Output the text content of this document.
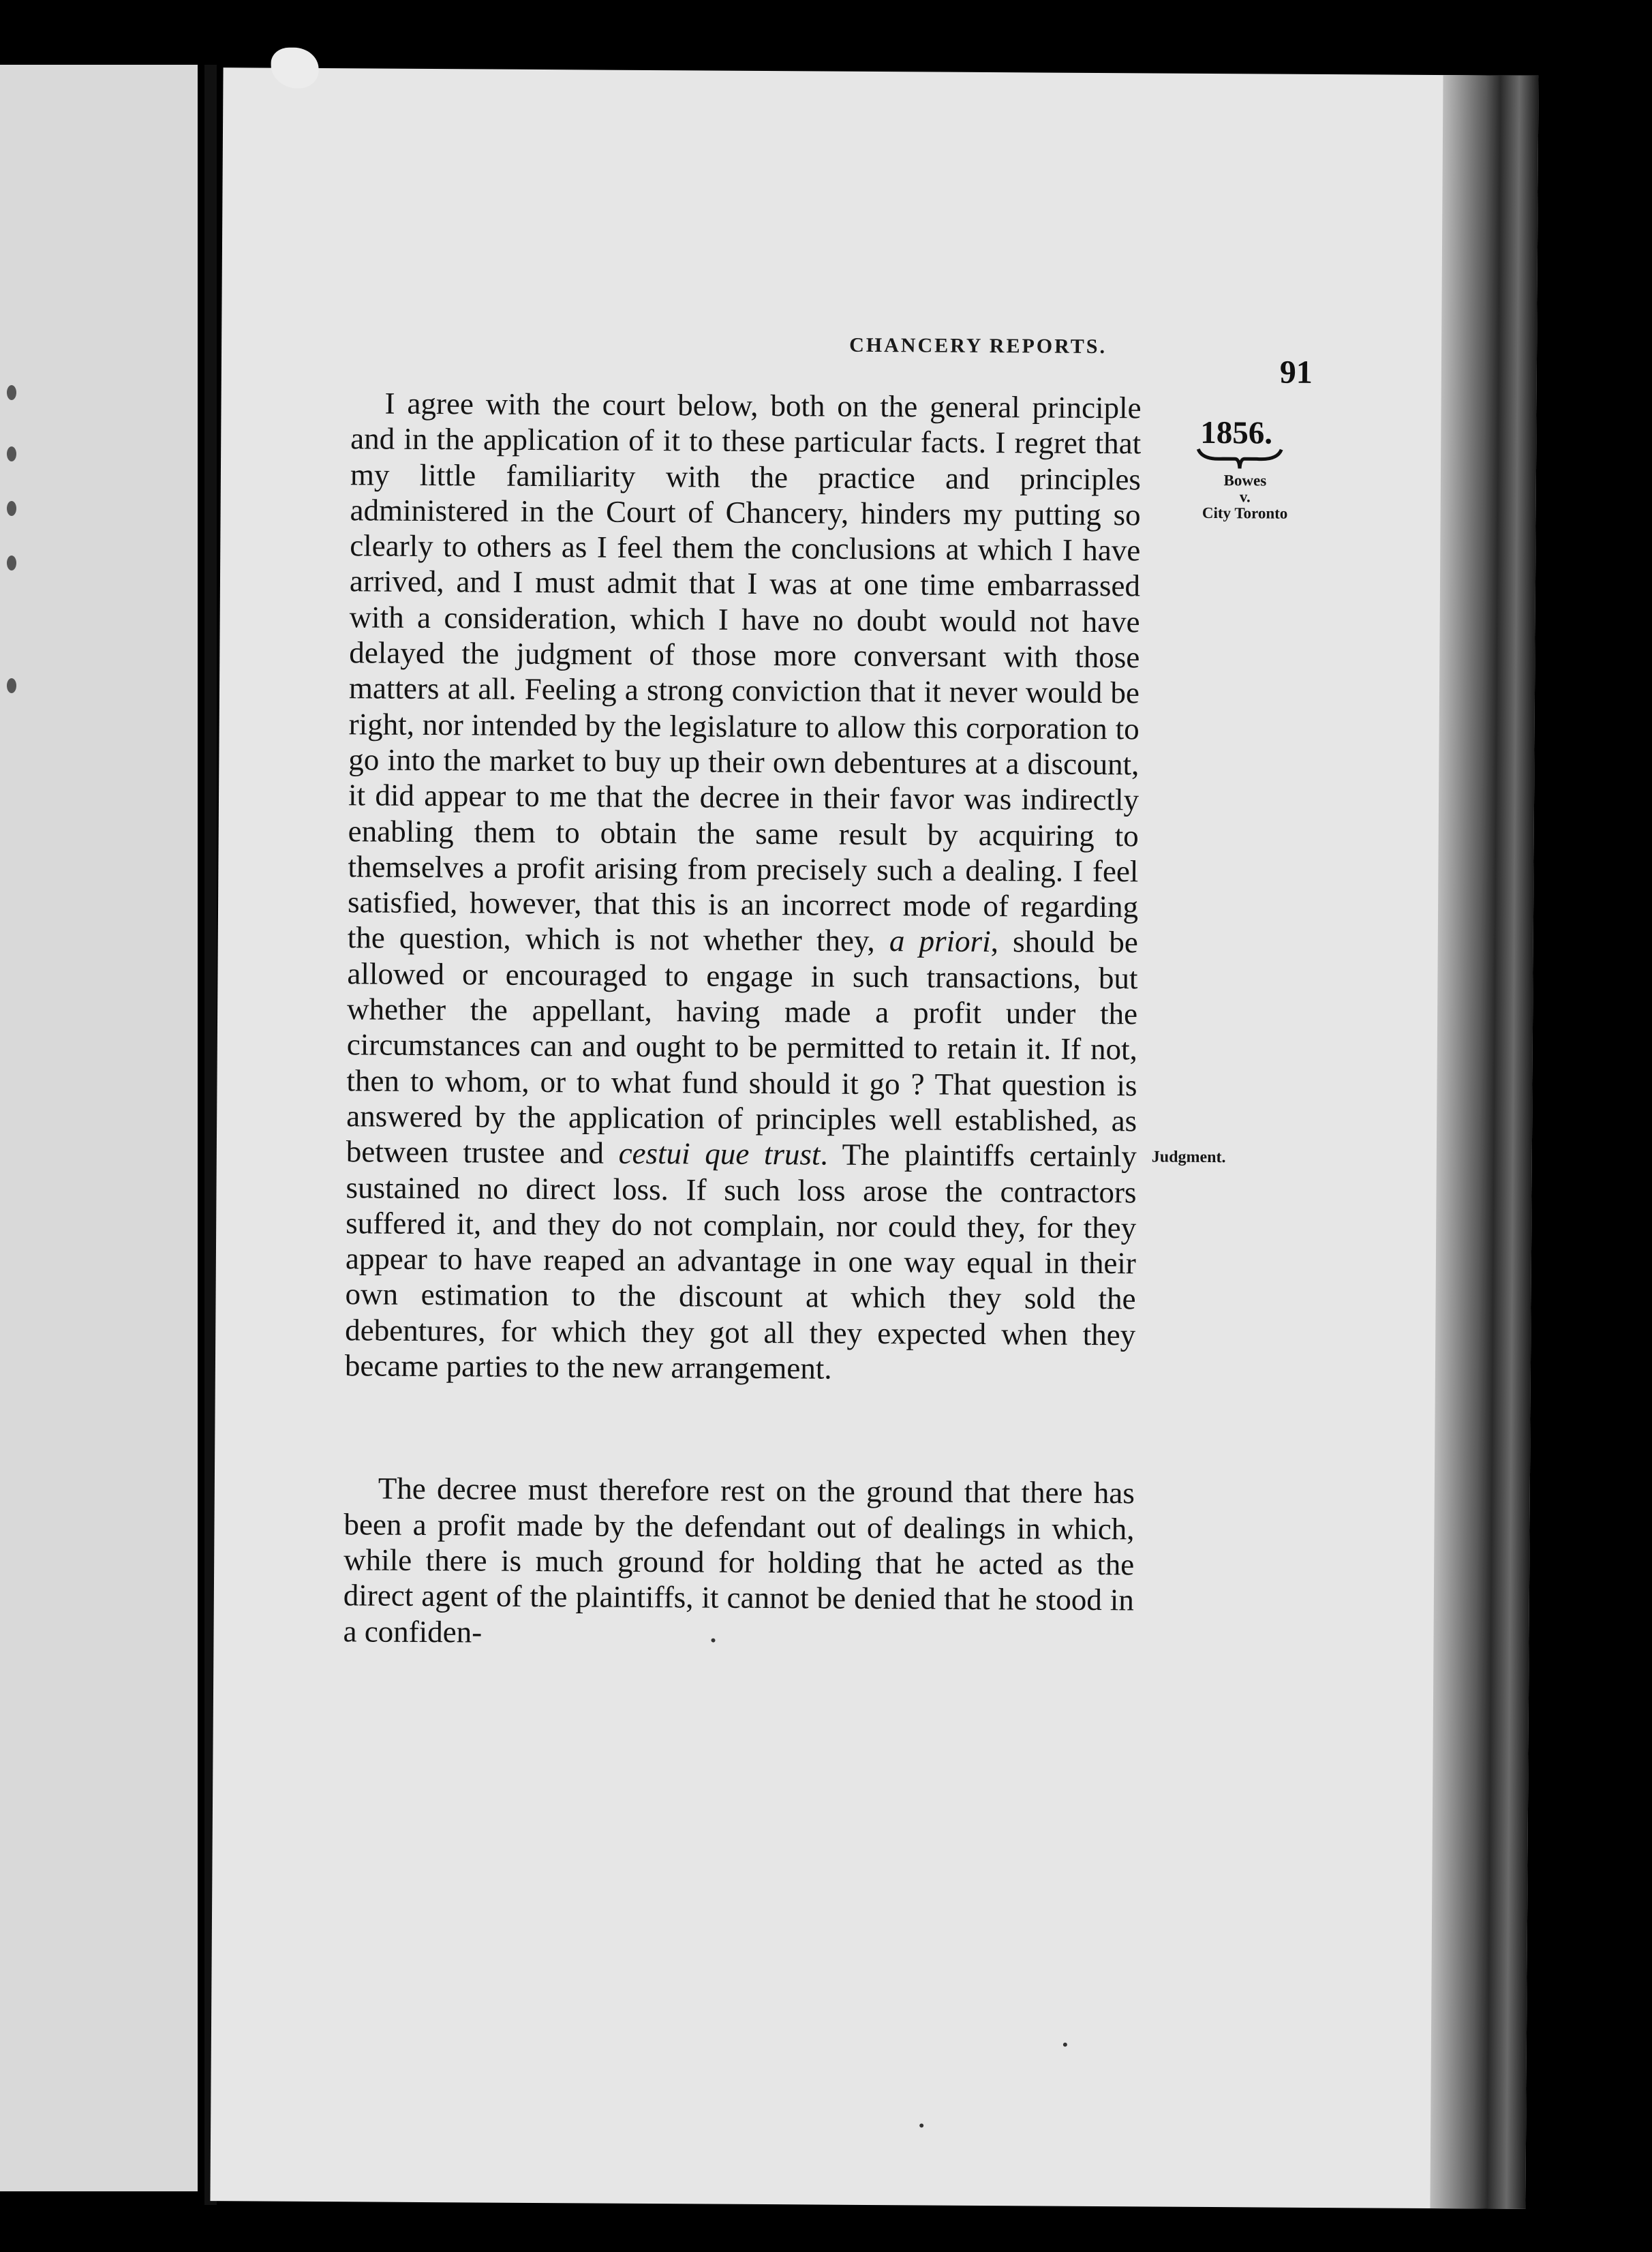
CHANCERY REPORTS.
91
1856.
Bowes
v.
City Toronto
Judgment.

I agree with the court below, both on the general principle and in the application of it to these particular facts. I regret that my little familiarity with the practice and principles administered in the Court of Chancery, hinders my putting so clearly to others as I feel them the conclusions at which I have arrived, and I must admit that I was at one time embarrassed with a consideration, which I have no doubt would not have delayed the judgment of those more conversant with those matters at all. Feeling a strong conviction that it never would be right, nor intended by the legislature to allow this corporation to go into the market to buy up their own debentures at a discount, it did appear to me that the decree in their favor was indirectly enabling them to obtain the same result by acquiring to themselves a profit arising from precisely such a dealing. I feel satisfied, however, that this is an incorrect mode of regarding the question, which is not whether they, a priori, should be allowed or encouraged to engage in such transactions, but whether the appellant, having made a profit under the circumstances can and ought to be permitted to retain it. If not, then to whom, or to what fund should it go ? That question is answered by the application of principles well established, as between trustee and cestui que trust. The plaintiffs certainly sustained no direct loss. If such loss arose the contractors suffered it, and they do not complain, nor could they, for they appear to have reaped an advantage in one way equal in their own estimation to the discount at which they sold the debentures, for which they got all they expected when they became parties to the new arrangement.

The decree must therefore rest on the ground that there has been a profit made by the defendant out of dealings in which, while there is much ground for holding that he acted as the direct agent of the plaintiffs, it cannot be denied that he stood in a confiden-
